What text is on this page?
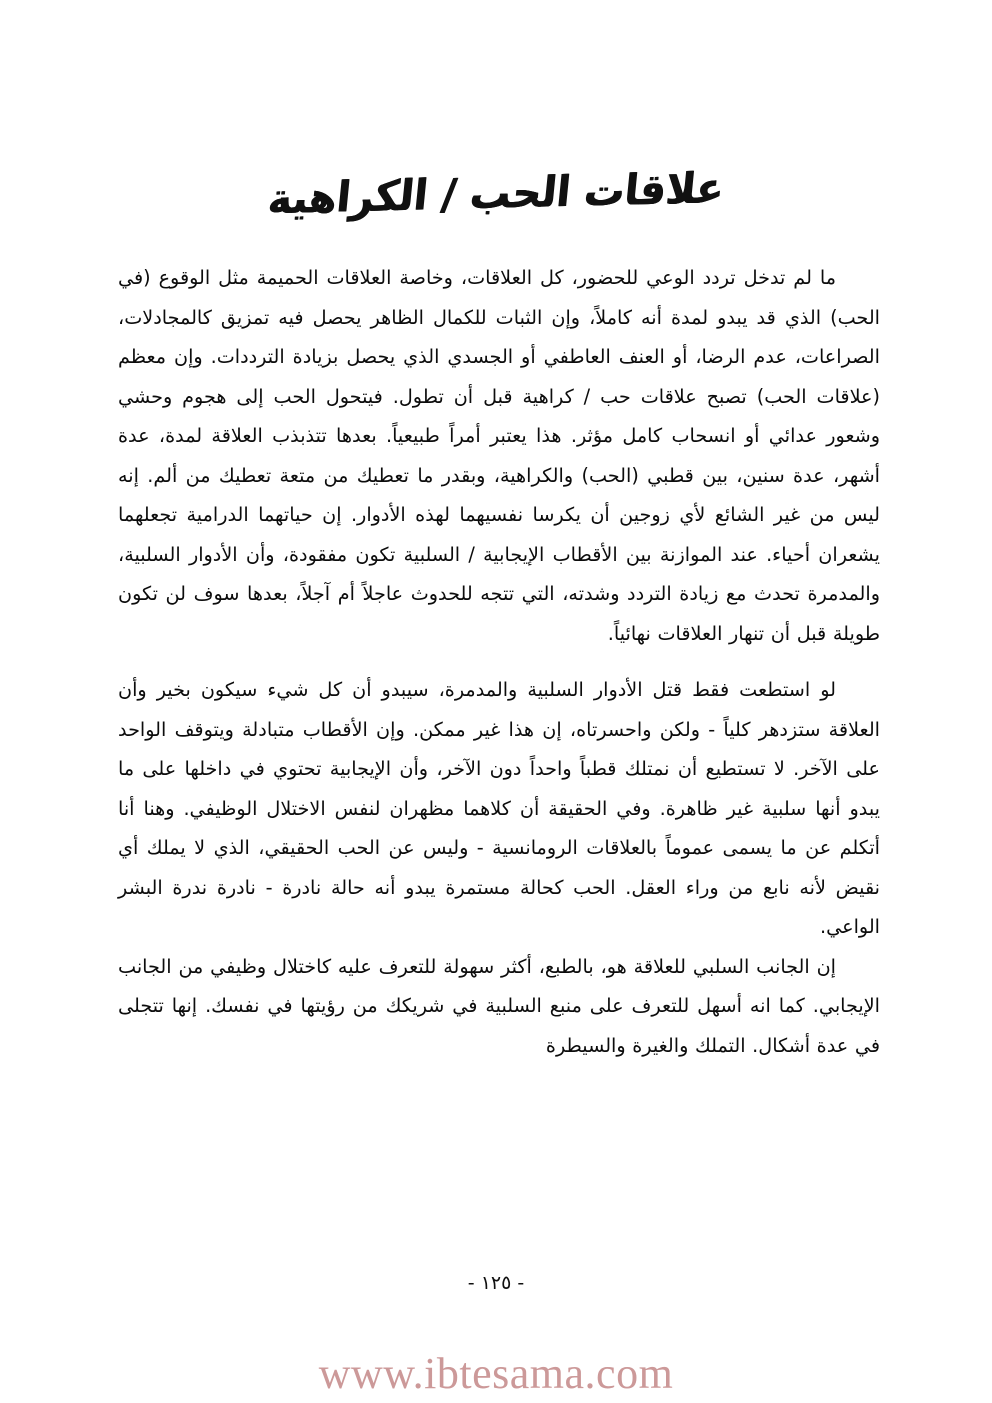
علاقات الحب / الكراهية

ما لم تدخل تردد الوعي للحضور، كل العلاقات، وخاصة العلاقات الحميمة مثل الوقوع (في الحب) الذي قد يبدو لمدة أنه كاملاً، وإن الثبات للكمال الظاهر يحصل فيه تمزيق كالمجادلات، الصراعات، عدم الرضا، أو العنف العاطفي أو الجسدي الذي يحصل بزيادة الترددات. وإن معظم (علاقات الحب) تصبح علاقات حب / كراهية قبل أن تطول. فيتحول الحب إلى هجوم وحشي وشعور عدائي أو انسحاب كامل مؤثر. هذا يعتبر أمراً طبيعياً. بعدها تتذبذب العلاقة لمدة، عدة أشهر، عدة سنين، بين قطبي (الحب) والكراهية، وبقدر ما تعطيك من متعة تعطيك من ألم. إنه ليس من غير الشائع لأي زوجين أن يكرسا نفسيهما لهذه الأدوار. إن حياتهما الدرامية تجعلهما يشعران أحياء. عند الموازنة بين الأقطاب الإيجابية / السلبية تكون مفقودة، وأن الأدوار السلبية، والمدمرة تحدث مع زيادة التردد وشدته، التي تتجه للحدوث عاجلاً أم آجلاً، بعدها سوف لن تكون طويلة قبل أن تنهار العلاقات نهائياً.

لو استطعت فقط قتل الأدوار السلبية والمدمرة، سيبدو أن كل شيء سيكون بخير وأن العلاقة ستزدهر كلياً - ولكن واحسرتاه، إن هذا غير ممكن. وإن الأقطاب متبادلة ويتوقف الواحد على الآخر. لا تستطيع أن نمتلك قطباً واحداً دون الآخر، وأن الإيجابية تحتوي في داخلها على ما يبدو أنها سلبية غير ظاهرة. وفي الحقيقة أن كلاهما مظهران لنفس الاختلال الوظيفي. وهنا أنا أتكلم عن ما يسمى عموماً بالعلاقات الرومانسية - وليس عن الحب الحقيقي، الذي لا يملك أي نقيض لأنه نابع من وراء العقل. الحب كحالة مستمرة يبدو أنه حالة نادرة - نادرة ندرة البشر الواعي.

إن الجانب السلبي للعلاقة هو، بالطبع، أكثر سهولة للتعرف عليه كاختلال وظيفي من الجانب الإيجابي. كما انه أسهل للتعرف على منبع السلبية في شريكك من رؤيتها في نفسك. إنها تتجلى في عدة أشكال. التملك والغيرة والسيطرة

- ١٢٥ -
www.ibtesama.com
